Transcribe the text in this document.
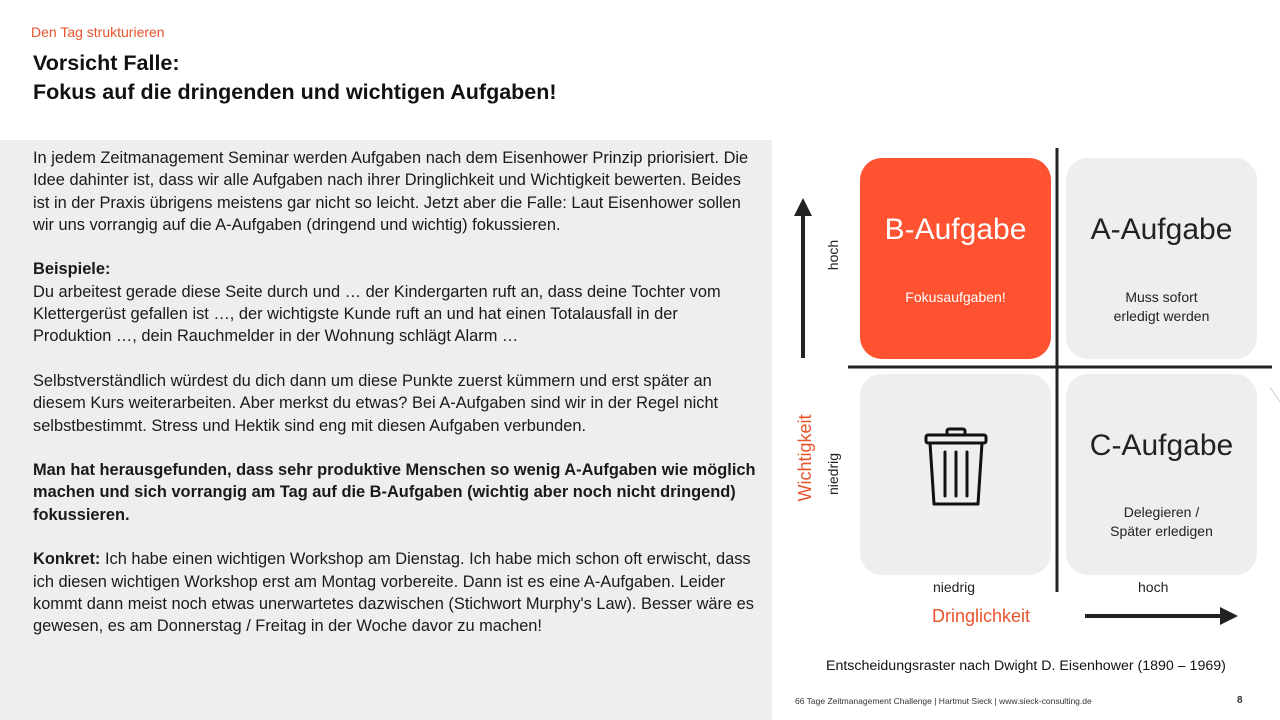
Den Tag strukturieren
Vorsicht Falle:
Fokus auf die dringenden und wichtigen Aufgaben!

In jedem Zeitmanagement Seminar werden Aufgaben nach dem Eisenhower Prinzip priorisiert. Die Idee dahinter ist, dass wir alle Aufgaben nach ihrer Dringlichkeit und Wichtigkeit bewerten. Beides ist in der Praxis übrigens meistens gar nicht so leicht. Jetzt aber die Falle: Laut Eisenhower sollen wir uns vorrangig auf die A-Aufgaben (dringend und wichtig) fokussieren.

Beispiele:
Du arbeitest gerade diese Seite durch und … der Kindergarten ruft an, dass deine Tochter vom Klettergerüst gefallen ist …, der wichtigste Kunde ruft an und hat einen Totalausfall in der Produktion …, dein Rauchmelder in der Wohnung schlägt Alarm …

Selbstverständlich würdest du dich dann um diese Punkte zuerst kümmern und erst später an diesem Kurs weiterarbeiten. Aber merkst du etwas? Bei A-Aufgaben sind wir in der Regel nicht selbstbestimmt. Stress und Hektik sind eng mit diesen Aufgaben verbunden.

Man hat herausgefunden, dass sehr produktive Menschen so wenig A-Aufgaben wie möglich machen und sich vorrangig am Tag auf die B-Aufgaben (wichtig aber noch nicht dringend) fokussieren.

Konkret: Ich habe einen wichtigen Workshop am Dienstag. Ich habe mich schon oft erwischt, dass ich diesen wichtigen Workshop erst am Montag vorbereite. Dann ist es eine A-Aufgaben. Leider kommt dann meist noch etwas unerwartetes dazwischen (Stichwort Murphy's Law). Besser wäre es gewesen, es am Donnerstag / Freitag in der Woche davor zu machen!

B-Aufgabe
Fokusaufgaben!
A-Aufgabe
Muss sofort
erledigt werden
C-Aufgabe
Delegieren /
Später erledigen
hoch
niedrig
Wichtigkeit
niedrig	hoch
Dringlichkeit
Entscheidungsraster nach Dwight D. Eisenhower (1890 – 1969)
66 Tage Zeitmanagement Challenge | Hartmut Sieck | www.sieck-consulting.de	8
